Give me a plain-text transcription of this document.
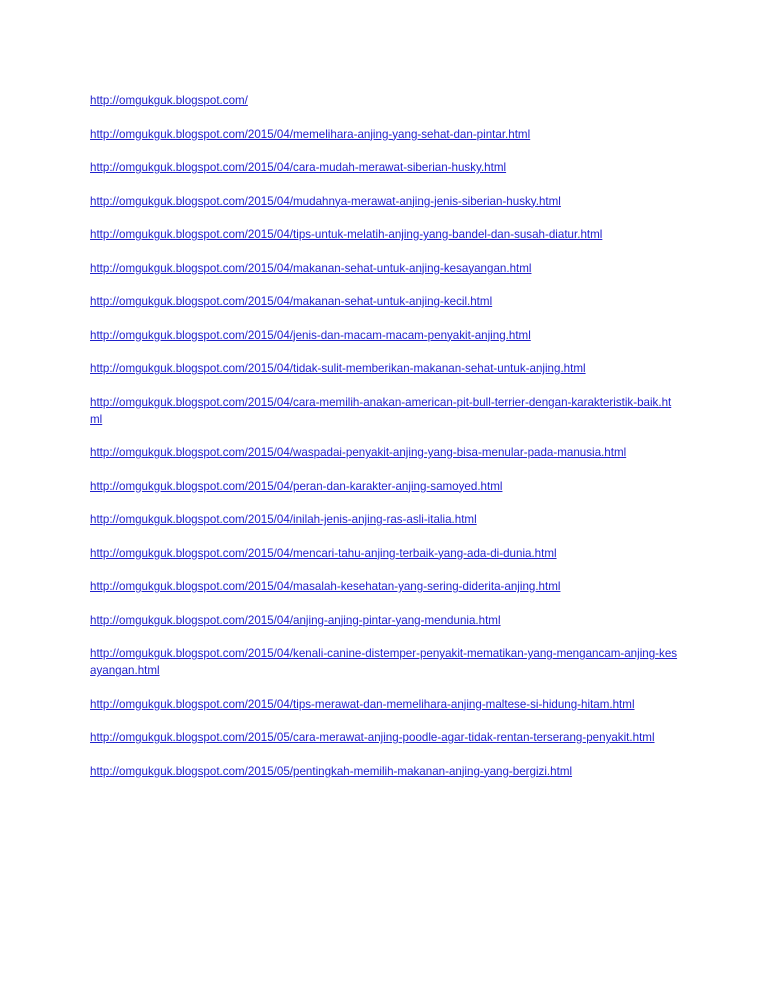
http://omgukguk.blogspot.com/
http://omgukguk.blogspot.com/2015/04/memelihara-anjing-yang-sehat-dan-pintar.html
http://omgukguk.blogspot.com/2015/04/cara-mudah-merawat-siberian-husky.html
http://omgukguk.blogspot.com/2015/04/mudahnya-merawat-anjing-jenis-siberian-husky.html
http://omgukguk.blogspot.com/2015/04/tips-untuk-melatih-anjing-yang-bandel-dan-susah-diatur.html
http://omgukguk.blogspot.com/2015/04/makanan-sehat-untuk-anjing-kesayangan.html
http://omgukguk.blogspot.com/2015/04/makanan-sehat-untuk-anjing-kecil.html
http://omgukguk.blogspot.com/2015/04/jenis-dan-macam-macam-penyakit-anjing.html
http://omgukguk.blogspot.com/2015/04/tidak-sulit-memberikan-makanan-sehat-untuk-anjing.html
http://omgukguk.blogspot.com/2015/04/cara-memilih-anakan-american-pit-bull-terrier-dengan-karakteristik-baik.html
http://omgukguk.blogspot.com/2015/04/waspadai-penyakit-anjing-yang-bisa-menular-pada-manusia.html
http://omgukguk.blogspot.com/2015/04/peran-dan-karakter-anjing-samoyed.html
http://omgukguk.blogspot.com/2015/04/inilah-jenis-anjing-ras-asli-italia.html
http://omgukguk.blogspot.com/2015/04/mencari-tahu-anjing-terbaik-yang-ada-di-dunia.html
http://omgukguk.blogspot.com/2015/04/masalah-kesehatan-yang-sering-diderita-anjing.html
http://omgukguk.blogspot.com/2015/04/anjing-anjing-pintar-yang-mendunia.html
http://omgukguk.blogspot.com/2015/04/kenali-canine-distemper-penyakit-mematikan-yang-mengancam-anjing-kesayangan.html
http://omgukguk.blogspot.com/2015/04/tips-merawat-dan-memelihara-anjing-maltese-si-hidung-hitam.html
http://omgukguk.blogspot.com/2015/05/cara-merawat-anjing-poodle-agar-tidak-rentan-terserang-penyakit.html
http://omgukguk.blogspot.com/2015/05/pentingkah-memilih-makanan-anjing-yang-bergizi.html
